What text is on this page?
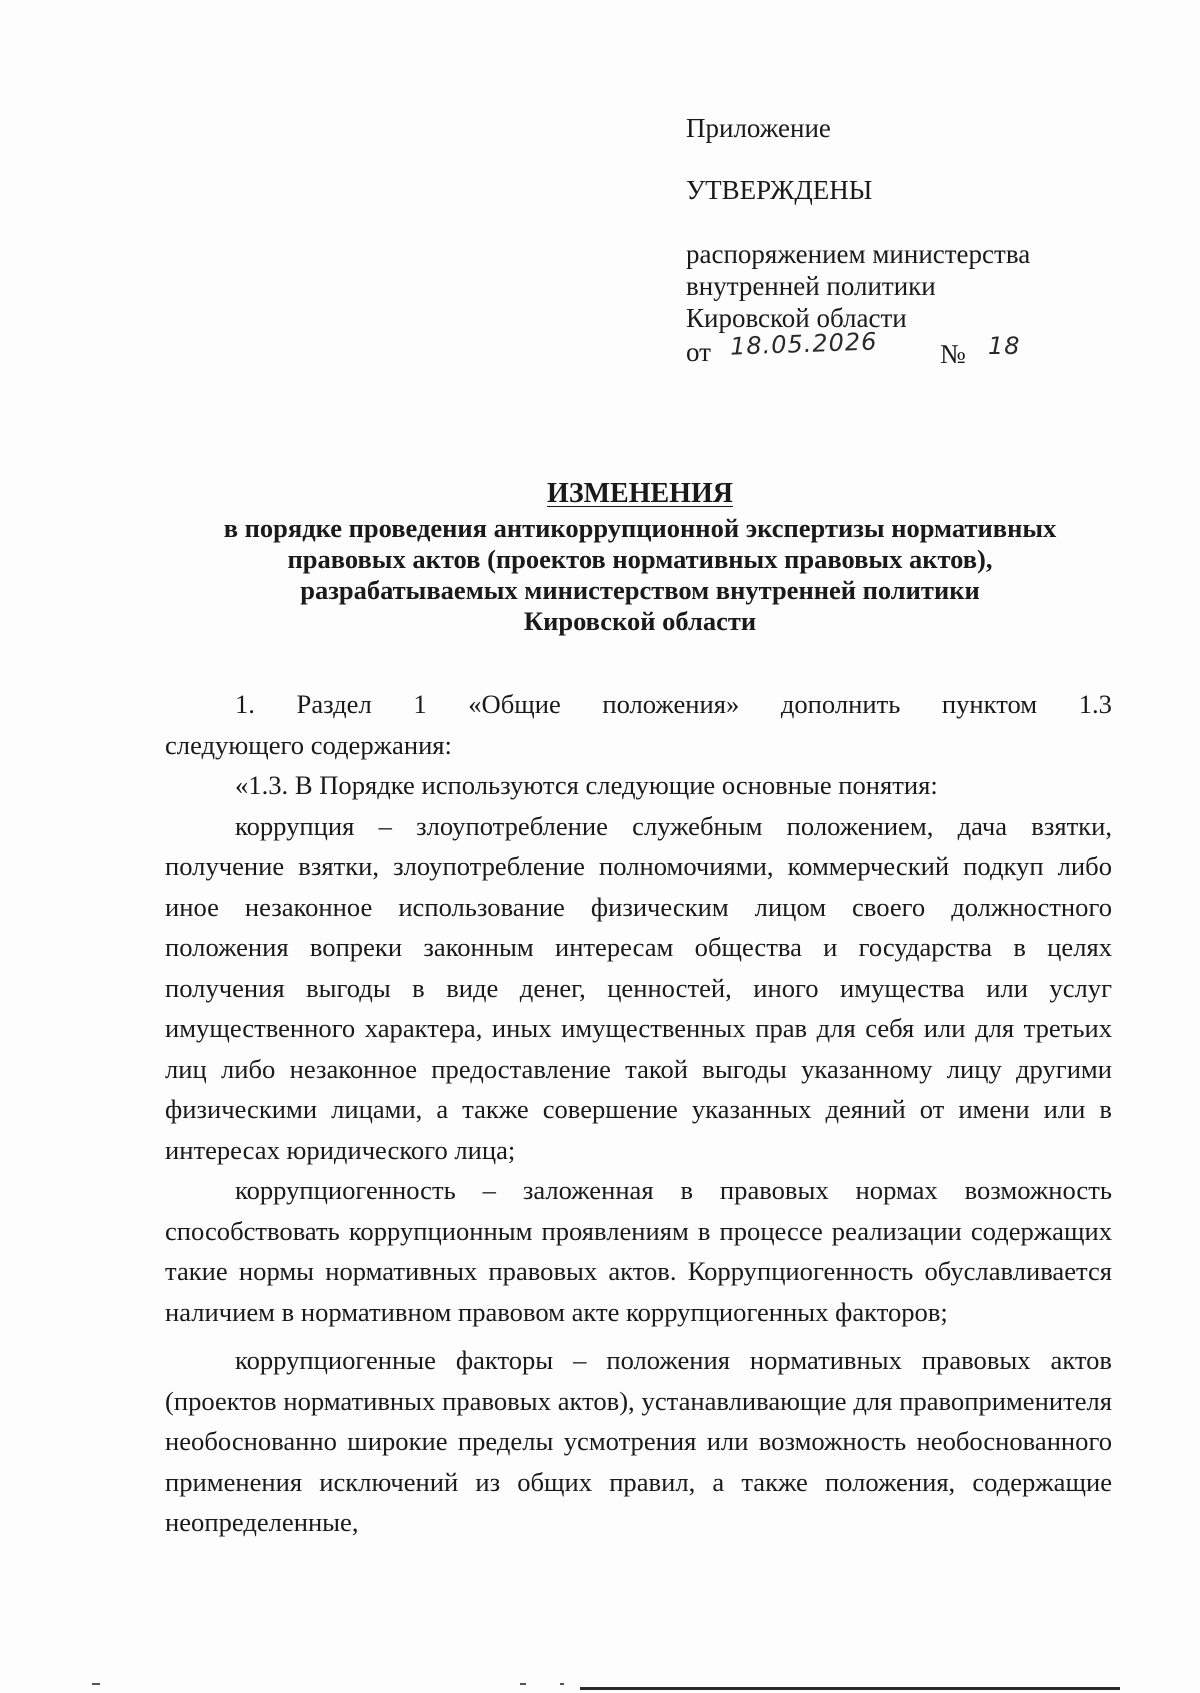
Приложение
УТВЕРЖДЕНЫ
распоряжением министерства
внутренней политики
Кировской области
от 18.05.2026 № 18
ИЗМЕНЕНИЯ
в порядке проведения антикоррупционной экспертизы нормативных
правовых актов (проектов нормативных правовых актов),
разрабатываемых министерством внутренней политики
Кировской области
1. Раздел 1 «Общие положения» дополнить пунктом 1.3

следующего содержания:

«1.3. В Порядке используются следующие основные понятия:

коррупция – злоупотребление служебным положением, дача взятки, получение взятки, злоупотребление полномочиями, коммерческий подкуп либо иное незаконное использование физическим лицом своего должностного положения вопреки законным интересам общества и государства в целях получения выгоды в виде денег, ценностей, иного имущества или услуг имущественного характера, иных имущественных прав для себя или для третьих лиц либо незаконное предоставление такой выгоды указанному лицу другими физическими лицами, а также совершение указанных деяний от имени или в интересах юридического лица;

коррупциогенность – заложенная в правовых нормах возможность способствовать коррупционным проявлениям в процессе реализации содержащих такие нормы нормативных правовых актов. Коррупциогенность обуславливается наличием в нормативном правовом акте коррупциогенных факторов;

коррупциогенные факторы – положения нормативных правовых актов (проектов нормативных правовых актов), устанавливающие для правоприменителя необоснованно широкие пределы усмотрения или возможность необоснованного применения исключений из общих правил, а также положения, содержащие неопределенные,
